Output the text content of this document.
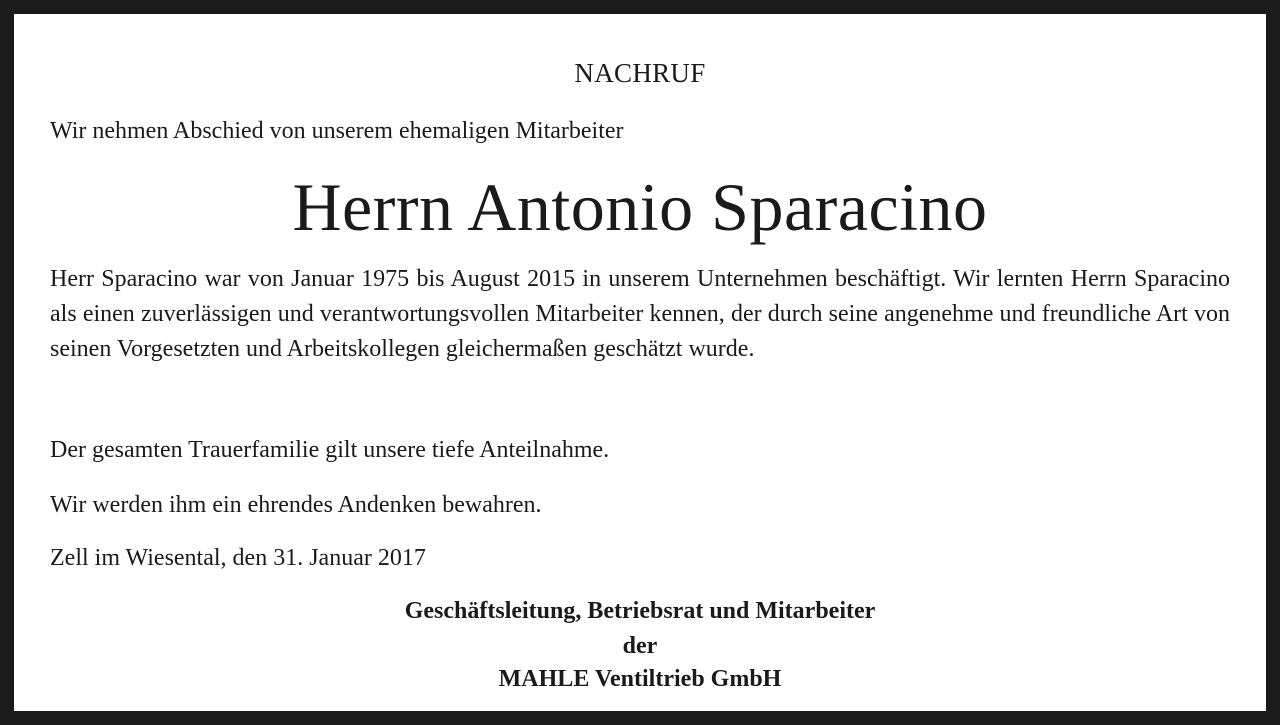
NACHRUF
Wir nehmen Abschied von unserem ehemaligen Mitarbeiter
Herrn Antonio Sparacino
Herr Sparacino war von Januar 1975 bis August 2015 in unserem Unternehmen beschäftigt. Wir lernten Herrn Sparacino als einen zuverlässigen und verantwortungsvollen Mitarbeiter kennen, der durch seine angenehme und freundliche Art von seinen Vorgesetzten und Arbeitskollegen gleichermaßen geschätzt wurde.
Der gesamten Trauerfamilie gilt unsere tiefe Anteilnahme.
Wir werden ihm ein ehrendes Andenken bewahren.
Zell im Wiesental, den 31. Januar 2017
Geschäftsleitung, Betriebsrat und Mitarbeiter
der
MAHLE Ventiltrieb GmbH
